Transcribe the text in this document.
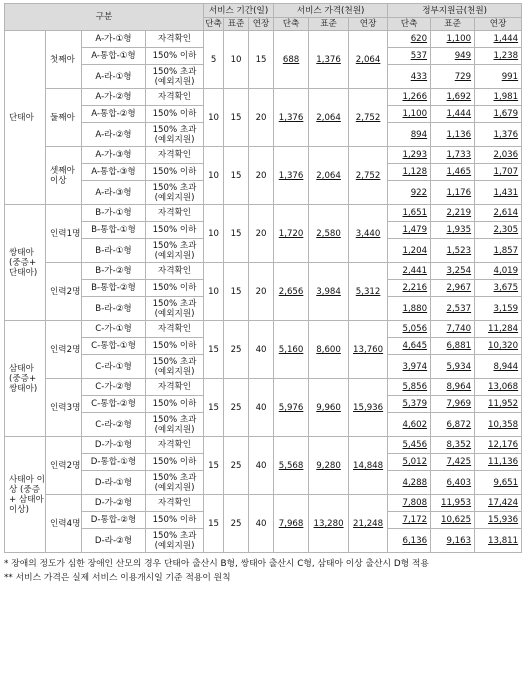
구분				서비스 기간(일)			서비스 가격(천원)			정부지원금(천원)		
				단축	표준	연장	단축	표준	연장	단축	표준	연장
단태아	첫째아	A-가-①형	자격확인	5	10	15	688	1,376	2,064	620	1,100	1,444
		A-통합-①형	150% 이하							537	949	1,238
		A-라-①형	150% 초과 (예외지원)							433	729	991
	둘째아	A-가-②형	자격확인	10	15	20	1,376	2,064	2,752	1,266	1,692	1,981
		A-통합-②형	150% 이하							1,100	1,444	1,679
		A-라-②형	150% 초과 (예외지원)							894	1,136	1,376
	셋째아 이상	A-가-③형	자격확인	10	15	20	1,376	2,064	2,752	1,293	1,733	2,036
		A-통합-③형	150% 이하							1,128	1,465	1,707
		A-라-③형	150% 초과 (예외지원)							922	1,176	1,431
쌍태아 (중증+ 단태아)	인력1명	B-가-①형	자격확인	10	15	20	1,720	2,580	3,440	1,651	2,219	2,614
		B-통합-①형	150% 이하							1,479	1,935	2,305
		B-라-①형	150% 초과 (예외지원)							1,204	1,523	1,857
	인력2명	B-가-②형	자격확인	10	15	20	2,656	3,984	5,312	2,441	3,254	4,019
		B-통합-②형	150% 이하							2,216	2,967	3,675
		B-라-②형	150% 초과 (예외지원)							1,880	2,537	3,159
삼태아 (중증+ 쌍태아)	인력2명	C-가-①형	자격확인	15	25	40	5,160	8,600	13,760	5,056	7,740	11,284
		C-통합-①형	150% 이하							4,645	6,881	10,320
		C-라-①형	150% 초과 (예외지원)							3,974	5,934	8,944
	인력3명	C-가-②형	자격확인	15	25	40	5,976	9,960	15,936	5,856	8,964	13,068
		C-통합-②형	150% 이하							5,379	7,969	11,952
		C-라-②형	150% 초과 (예외지원)							4,602	6,872	10,358
사태아 이상 (중증+ 삼태아 이상)	인력2명	D-가-①형	자격확인	15	25	40	5,568	9,280	14,848	5,456	8,352	12,176
		D-통합-①형	150% 이하							5,012	7,425	11,136
		D-라-①형	150% 초과 (예외지원)							4,288	6,403	9,651
	인력4명	D-가-②형	자격확인	15	25	40	7,968	13,280	21,248	7,808	11,953	17,424
		D-통합-②형	150% 이하							7,172	10,625	15,936
		D-라-②형	150% 초과 (예외지원)							6,136	9,163	13,811
* 장애의 정도가 심한 장애인 산모의 경우 단태아 출산시 B형, 쌍태아 출산시 C형, 삼태아 이상 출산시 D형 적용
** 서비스 가격은 실제 서비스 이용개시일 기준 적용이 원칙
